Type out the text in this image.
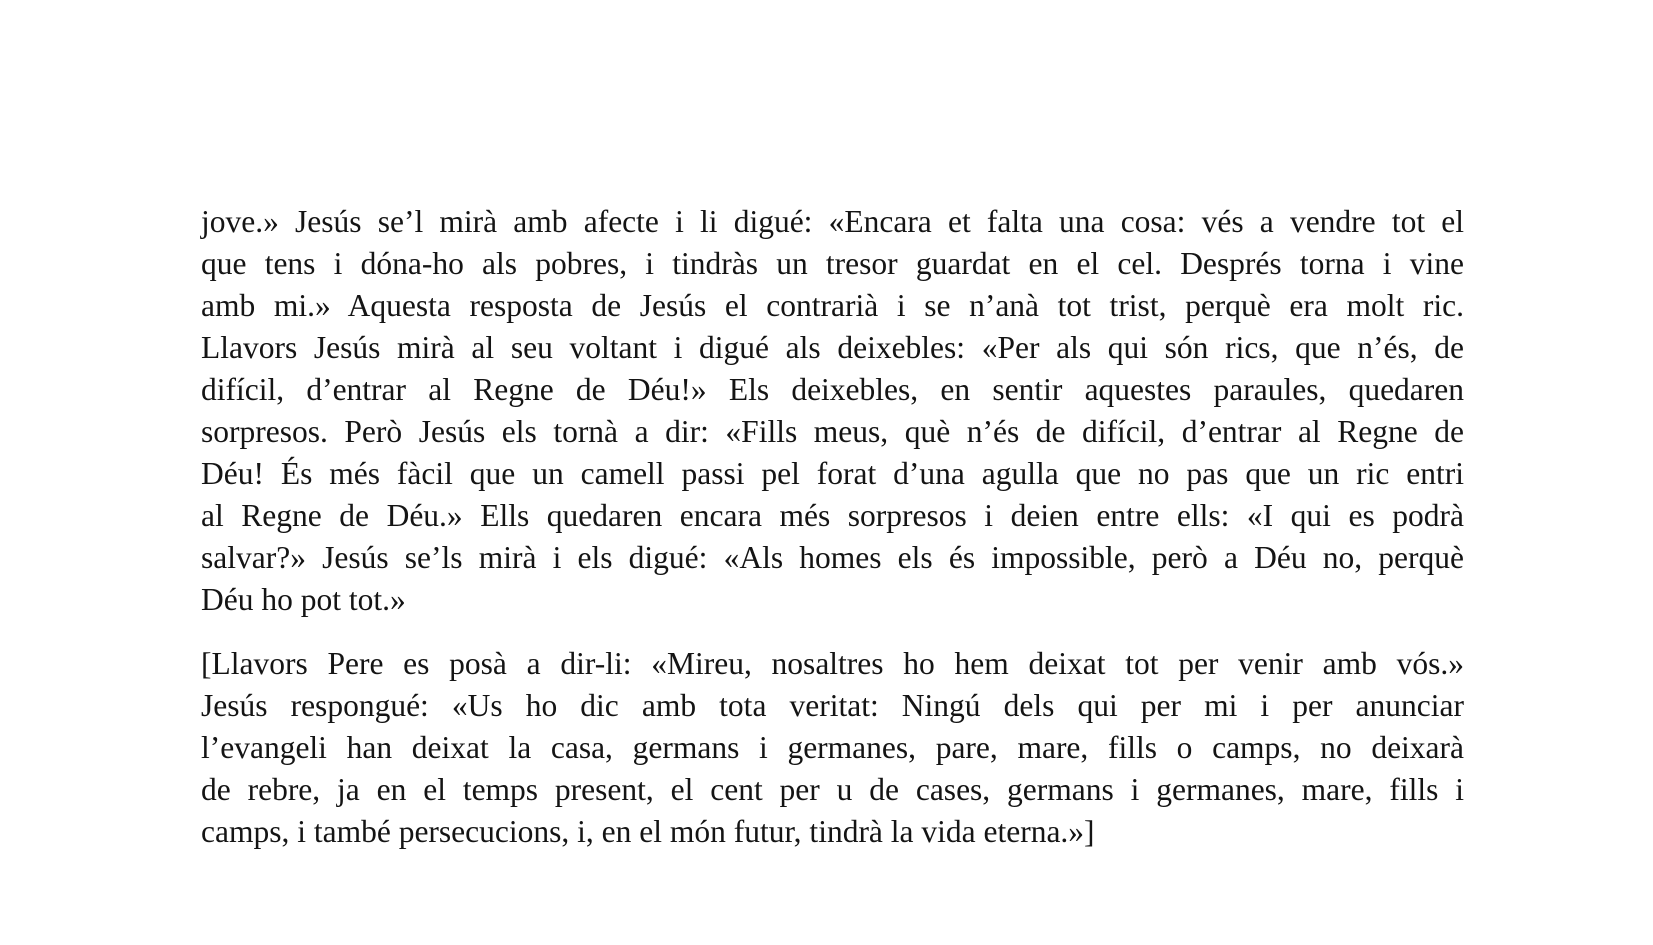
jove.» Jesús se’l mirà amb afecte i li digué: «Encara et falta una cosa: vés a vendre tot el
que tens i dóna-ho als pobres, i tindràs un tresor guardat en el cel. Després torna i vine
amb mi.» Aquesta resposta de Jesús el contrarià i se n’anà tot trist, perquè era molt ric.
Llavors Jesús mirà al seu voltant i digué als deixebles: «Per als qui són rics, que n’és, de
difícil, d’entrar al Regne de Déu!» Els deixebles, en sentir aquestes paraules, quedaren
sorpresos. Però Jesús els tornà a dir: «Fills meus, què n’és de difícil, d’entrar al Regne de
Déu! És més fàcil que un camell passi pel forat d’una agulla que no pas que un ric entri
al Regne de Déu.» Ells quedaren encara més sorpresos i deien entre ells: «I qui es podrà
salvar?» Jesús se’ls mirà i els digué: «Als homes els és impossible, però a Déu no, perquè
Déu ho pot tot.»
[Llavors Pere es posà a dir-li: «Mireu, nosaltres ho hem deixat tot per venir amb vós.»
Jesús respongué: «Us ho dic amb tota veritat: Ningú dels qui per mi i per anunciar
l’evangeli han deixat la casa, germans i germanes, pare, mare, fills o camps, no deixarà
de rebre, ja en el temps present, el cent per u de cases, germans i germanes, mare, fills i
camps, i també persecucions, i, en el món futur, tindrà la vida eterna.»]
